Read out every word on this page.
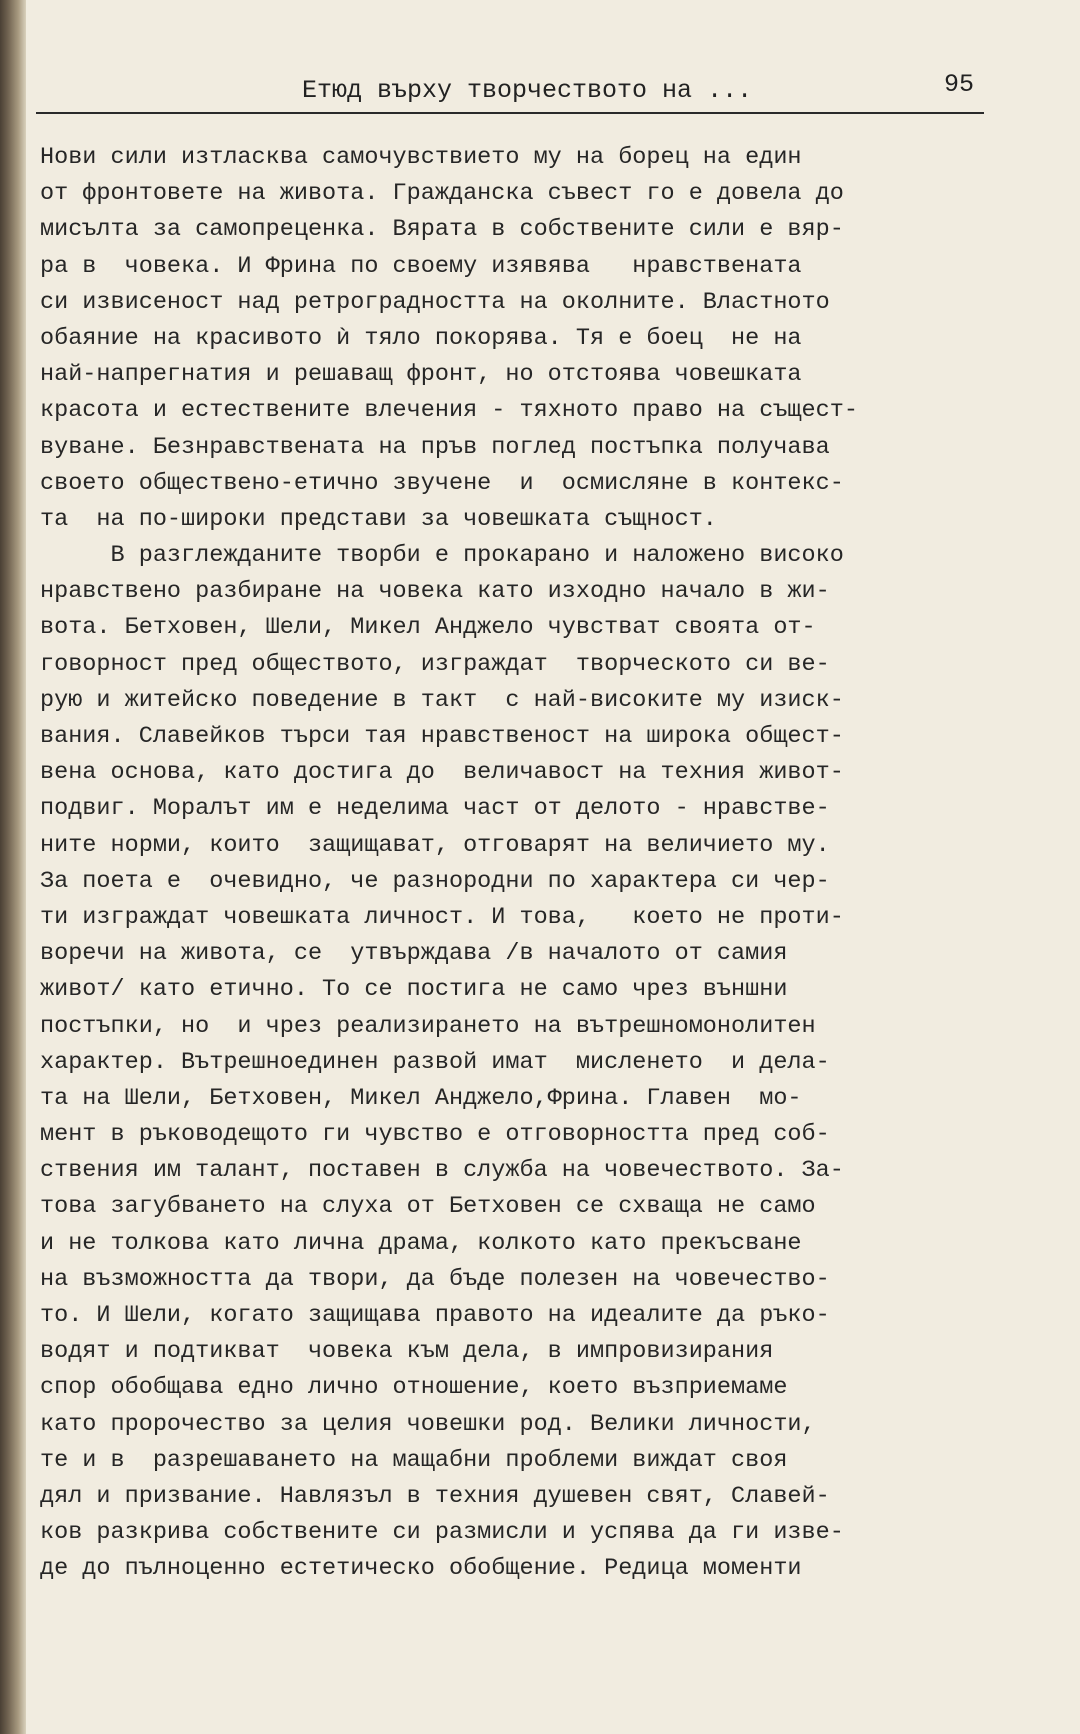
Етюд върху творчеството на ...	95
Нови сили изтласква самочувствието му на борец на един
от фронтовете на живота. Гражданска съвест го е довела до
мисълта за самопреценка. Вярата в собствените сили е вяр-
ра в  човека. И Фрина по своему изявява   нравствената
си извисеност над ретроградността на околните. Властното
обаяние на красивото ѝ тяло покорява. Тя е боец  не на
най-напрегнатия и решаващ фронт, но отстоява човешката
красота и естествените влечения - тяхното право на същест-
вуване. Безнравствената на пръв поглед постъпка получава
своето обществено-етично звучене  и  осмисляне в контекс-
та  на по-широки представи за човешката същност.
В разглежданите творби е прокарано и наложено високо
нравствено разбиране на човека като изходно начало в жи-
вота. Бетховен, Шели, Микел Анджело чувстват своята от-
говорност пред обществото, изграждат  творческото си ве-
рую и житейско поведение в такт  с най-високите му изиск-
вания. Славейков търси тая нравственост на широка общест-
вена основа, като достига до  величавост на техния живот-
подвиг. Моралът им е неделима част от делото - нравстве-
ните норми, които  защищават, отговарят на величието му.
За поета е  очевидно, че разнородни по характера си чер-
ти изграждат човешката личност. И това,   което не проти-
воречи на живота, се  утвърждава /в началото от самия
живот/ като етично. То се постига не само чрез външни
постъпки, но  и чрез реализирането на вътрешномонолитен
характер. Вътрешноединен развой имат  мисленето  и дела-
та на Шели, Бетховен, Микел Анджело,Фрина. Главен  мо-
мент в ръководещото ги чувство е отговорността пред соб-
ствения им талант, поставен в служба на човечеството. За-
това загубването на слуха от Бетховен се схваща не само
и не толкова като лична драма, колкото като прекъсване
на възможността да твори, да бъде полезен на човечество-
то. И Шели, когато защищава правото на идеалите да ръко-
водят и подтикват  човека към дела, в импровизирания
спор обобщава едно лично отношение, което възприемаме
като пророчество за целия човешки род. Велики личности,
те и в  разрешаването на мащабни проблеми виждат своя
дял и призвание. Навлязъл в техния душевен свят, Славей-
ков разкрива собствените си размисли и успява да ги изве-
де до пълноценно естетическо обобщение. Редица моменти
